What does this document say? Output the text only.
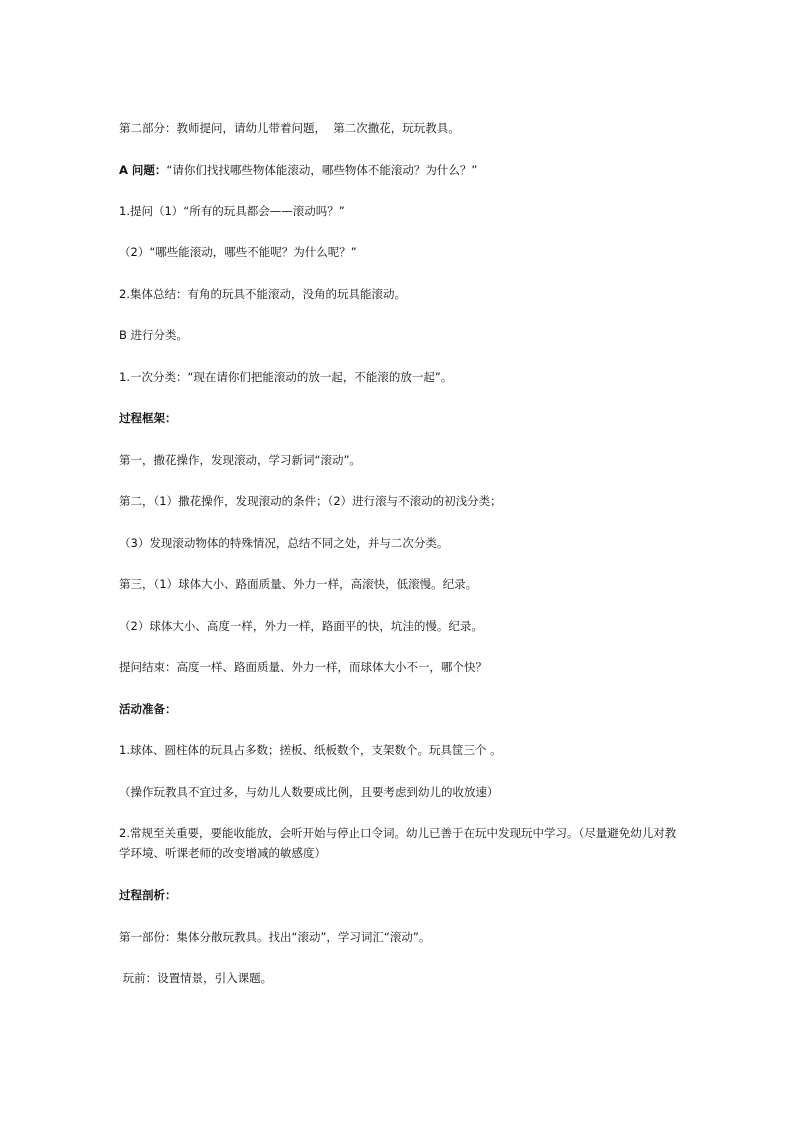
第二部分：教师提问，请幼儿带着问题，  第二次撒花，玩玩教具。

A 问题：“请你们找找哪些物体能滚动，哪些物体不能滚动？为什么？”

1.提问（1）“所有的玩具都会——滚动吗？”

（2）“哪些能滚动，哪些不能呢？为什么呢？”

2.集体总结：有角的玩具不能滚动，没角的玩具能滚动。

B 进行分类。

1.一次分类：“现在请你们把能滚动的放一起，不能滚的放一起”。

过程框架：

第一，撒花操作，发现滚动，学习新词“滚动”。

第二，（1）撒花操作，发现滚动的条件；（2）进行滚与不滚动的初浅分类；

（3）发现滚动物体的特殊情况，总结不同之处，并与二次分类。

第三，（1）球体大小、路面质量、外力一样，高滚快，低滚慢。纪录。

（2）球体大小、高度一样，外力一样，路面平的快，坑洼的慢。纪录。

提问结束：高度一样、路面质量、外力一样，而球体大小不一，哪个快？

活动准备：

1.球体、圆柱体的玩具占多数；搓板、纸板数个，支架数个。玩具筐三个 。

（操作玩教具不宜过多，与幼儿人数要成比例，且要考虑到幼儿的收放速）

2.常规至关重要，要能收能放，会听开始与停止口令词。幼儿已善于在玩中发现玩中学习。（尽量避免幼儿对教学环境、听课老师的改变增减的敏感度）

过程剖析：

第一部份：集体分散玩教具。找出“滚动”，学习词汇“滚动”。

玩前：设置情景，引入课题。
